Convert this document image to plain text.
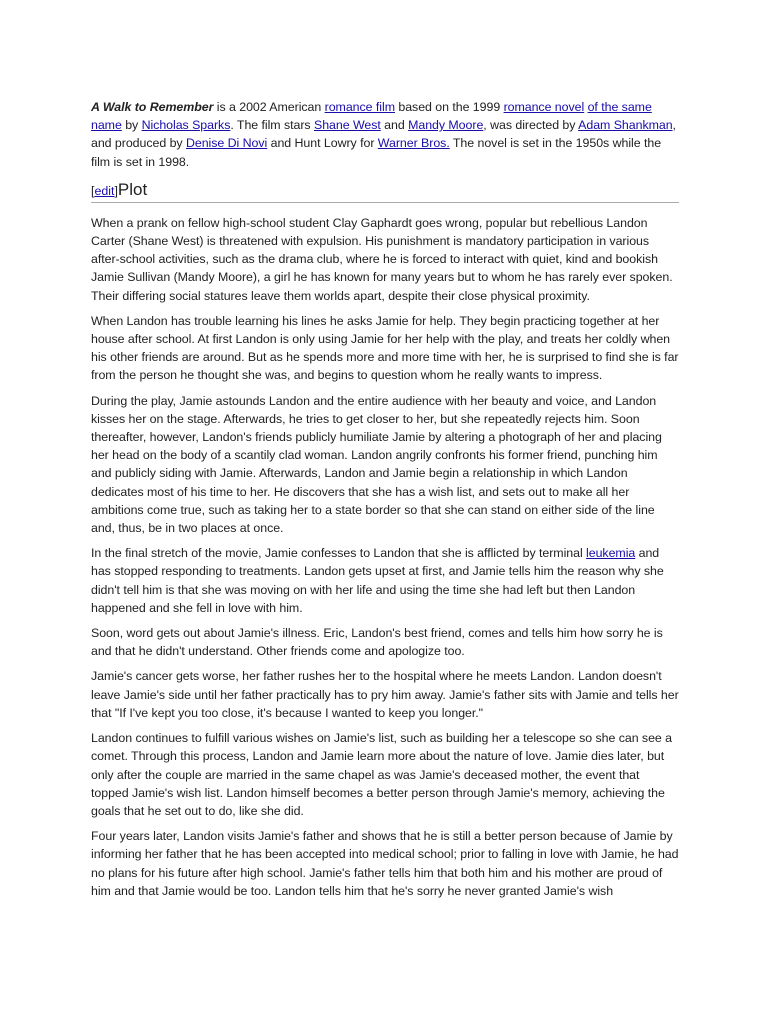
A Walk to Remember is a 2002 American romance film based on the 1999 romance novel of the same name by Nicholas Sparks. The film stars Shane West and Mandy Moore, was directed by Adam Shankman, and produced by Denise Di Novi and Hunt Lowry for Warner Bros. The novel is set in the 1950s while the film is set in 1998.

[ edit ] Plot

When a prank on fellow high-school student Clay Gaphardt goes wrong, popular but rebellious Landon Carter (Shane West) is threatened with expulsion. His punishment is mandatory participation in various after-school activities, such as the drama club, where he is forced to interact with quiet, kind and bookish Jamie Sullivan (Mandy Moore), a girl he has known for many years but to whom he has rarely ever spoken. Their differing social statures leave them worlds apart, despite their close physical proximity.

When Landon has trouble learning his lines he asks Jamie for help. They begin practicing together at her house after school. At first Landon is only using Jamie for her help with the play, and treats her coldly when his other friends are around. But as he spends more and more time with her, he is surprised to find she is far from the person he thought she was, and begins to question whom he really wants to impress.

During the play, Jamie astounds Landon and the entire audience with her beauty and voice, and Landon kisses her on the stage. Afterwards, he tries to get closer to her, but she repeatedly rejects him. Soon thereafter, however, Landon's friends publicly humiliate Jamie by altering a photograph of her and placing her head on the body of a scantily clad woman. Landon angrily confronts his former friend, punching him and publicly siding with Jamie. Afterwards, Landon and Jamie begin a relationship in which Landon dedicates most of his time to her. He discovers that she has a wish list, and sets out to make all her ambitions come true, such as taking her to a state border so that she can stand on either side of the line and, thus, be in two places at once.

In the final stretch of the movie, Jamie confesses to Landon that she is afflicted by terminal leukemia and has stopped responding to treatments. Landon gets upset at first, and Jamie tells him the reason why she didn't tell him is that she was moving on with her life and using the time she had left but then Landon happened and she fell in love with him.

Soon, word gets out about Jamie's illness. Eric, Landon's best friend, comes and tells him how sorry he is and that he didn't understand. Other friends come and apologize too.

Jamie's cancer gets worse, her father rushes her to the hospital where he meets Landon. Landon doesn't leave Jamie's side until her father practically has to pry him away. Jamie's father sits with Jamie and tells her that "If I've kept you too close, it's because I wanted to keep you longer."

Landon continues to fulfill various wishes on Jamie's list, such as building her a telescope so she can see a comet. Through this process, Landon and Jamie learn more about the nature of love. Jamie dies later, but only after the couple are married in the same chapel as was Jamie's deceased mother, the event that topped Jamie's wish list. Landon himself becomes a better person through Jamie's memory, achieving the goals that he set out to do, like she did.

Four years later, Landon visits Jamie's father and shows that he is still a better person because of Jamie by informing her father that he has been accepted into medical school; prior to falling in love with Jamie, he had no plans for his future after high school. Jamie's father tells him that both him and his mother are proud of him and that Jamie would be too. Landon tells him that he's sorry he never granted Jamie's wish
